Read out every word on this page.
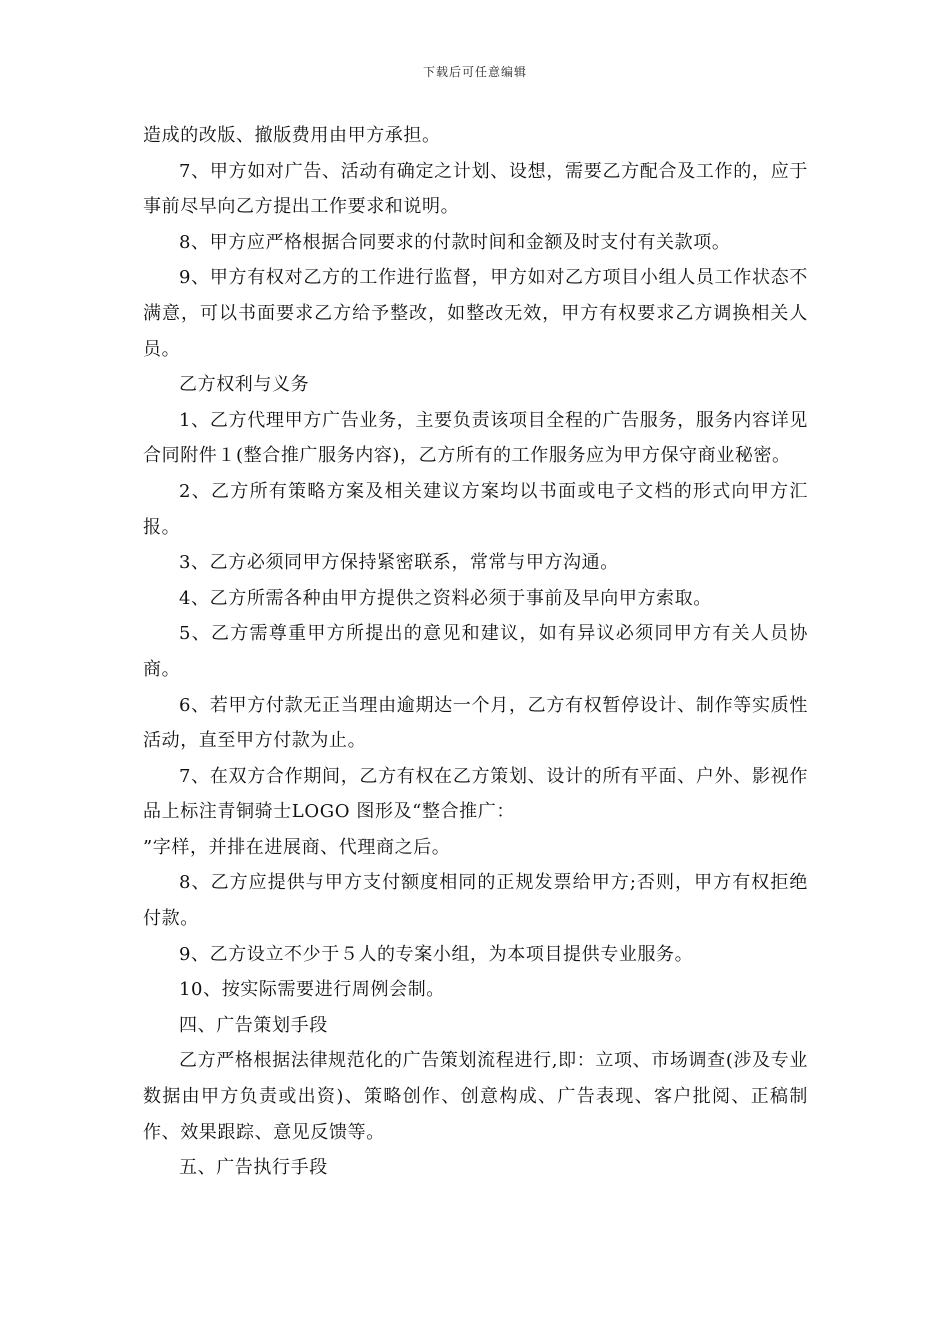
下载后可任意编辑

造成的改版、撤版费用由甲方承担。

7、甲方如对广告、活动有确定之计划、设想，需要乙方配合及工作的，应于事前尽早向乙方提出工作要求和说明。

8、甲方应严格根据合同要求的付款时间和金额及时支付有关款项。

9、甲方有权对乙方的工作进行监督，甲方如对乙方项目小组人员工作状态不满意，可以书面要求乙方给予整改，如整改无效，甲方有权要求乙方调换相关人员。

乙方权利与义务

1、乙方代理甲方广告业务，主要负责该项目全程的广告服务，服务内容详见合同附件１(整合推广服务内容)，乙方所有的工作服务应为甲方保守商业秘密。

2、乙方所有策略方案及相关建议方案均以书面或电子文档的形式向甲方汇报。

3、乙方必须同甲方保持紧密联系，常常与甲方沟通。

4、乙方所需各种由甲方提供之资料必须于事前及早向甲方索取。

5、乙方需尊重甲方所提出的意见和建议，如有异议必须同甲方有关人员协商。

6、若甲方付款无正当理由逾期达一个月，乙方有权暂停设计、制作等实质性活动，直至甲方付款为止。

7、在双方合作期间，乙方有权在乙方策划、设计的所有平面、户外、影视作品上标注青铜骑士LOGO 图形及“整合推广：

”字样，并排在进展商、代理商之后。

8、乙方应提供与甲方支付额度相同的正规发票给甲方;否则，甲方有权拒绝付款。

9、乙方设立不少于５人的专案小组，为本项目提供专业服务。

10、按实际需要进行周例会制。

四、广告策划手段

乙方严格根据法律规范化的广告策划流程进行,即：立项、市场调查(涉及专业数据由甲方负责或出资)、策略创作、创意构成、广告表现、客户批阅、正稿制作、效果跟踪、意见反馈等。

五、广告执行手段
